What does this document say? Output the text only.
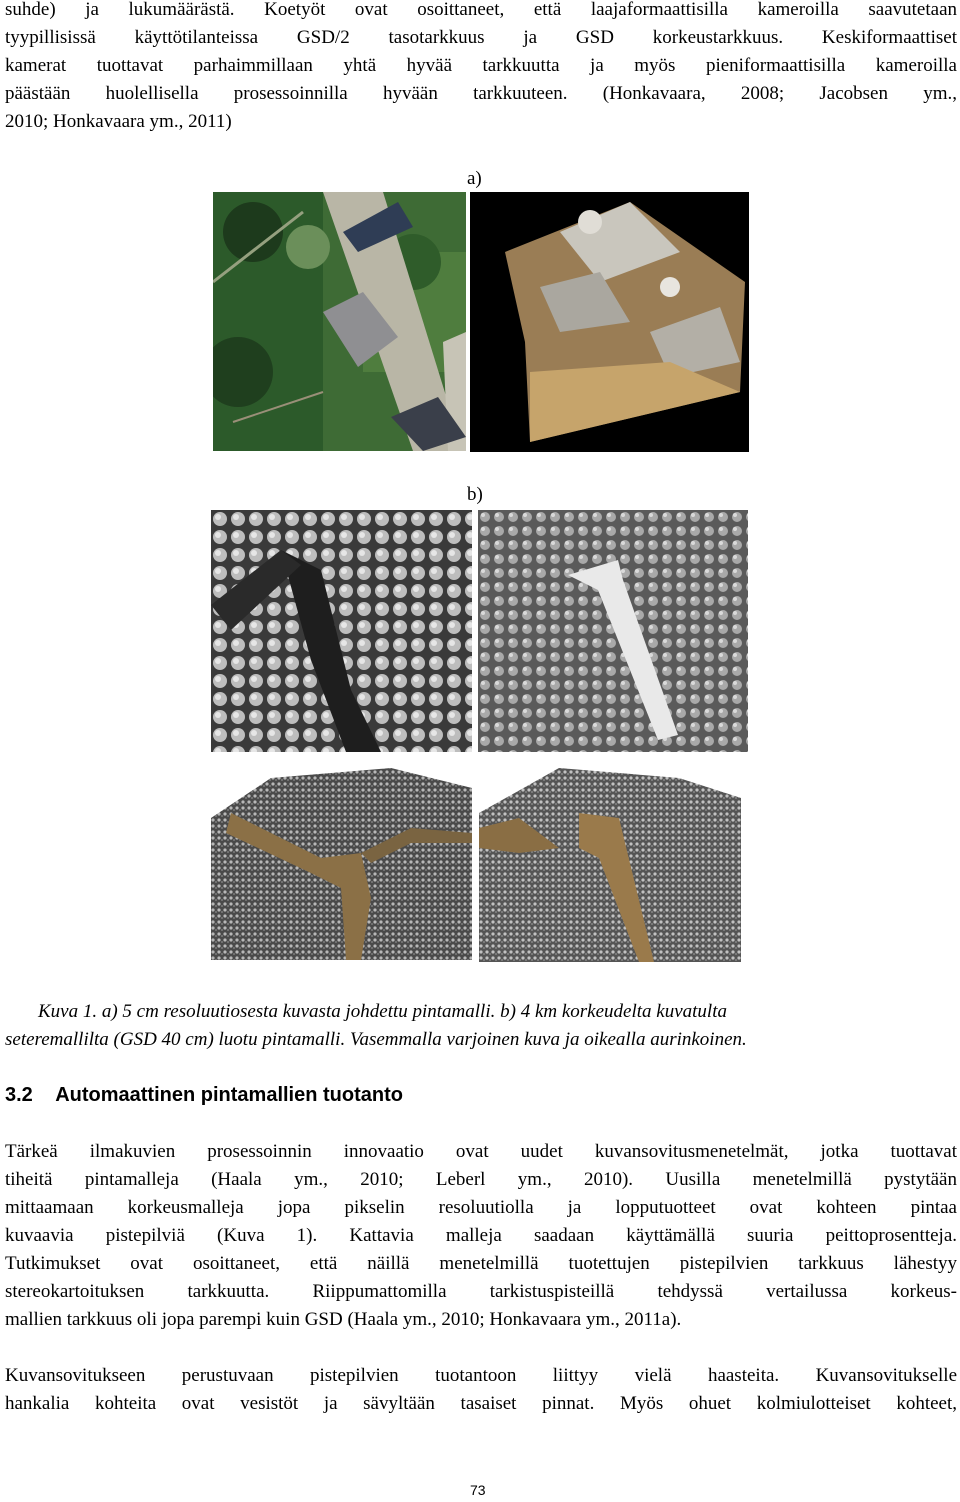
suhde) ja lukumäärästä. Koetyöt ovat osoittaneet, että laajaformaattisilla kameroilla saavutetaan
tyypillisissä käyttötilanteissa GSD/2 tasotarkkuus ja GSD korkeustarkkuus. Keskiformaattiset
kamerat tuottavat parhaimmillaan yhtä hyvää tarkkuutta ja myös pieniformaattisilla kameroilla
päästään huolellisella prosessoinnilla hyvään tarkkuuteen. (Honkavaara, 2008; Jacobsen ym.,
2010; Honkavaara ym., 2011)
a)
b)
Kuva 1. a) 5 cm resoluutiosesta kuvasta johdettu pintamalli. b) 4 km korkeudelta kuvatulta
seteremallilta (GSD 40 cm) luotu pintamalli. Vasemmalla varjoinen kuva ja oikealla aurinkoinen.
3.2 Automaattinen pintamallien tuotanto
Tärkeä ilmakuvien prosessoinnin innovaatio ovat uudet kuvansovitusmenetelmät, jotka tuottavat
tiheitä pintamalleja (Haala ym., 2010; Leberl ym., 2010). Uusilla menetelmillä pystytään
mittaamaan korkeusmalleja jopa pikselin resoluutiolla ja lopputuotteet ovat kohteen pintaa
kuvaavia pistepilviä (Kuva 1). Kattavia malleja saadaan käyttämällä suuria peittoprosentteja.
Tutkimukset ovat osoittaneet, että näillä menetelmillä tuotettujen pistepilvien tarkkuus lähestyy
stereokartoituksen tarkkuutta. Riippumattomilla tarkistuspisteillä tehdyssä vertailussa korkeus-
mallien tarkkuus oli jopa parempi kuin GSD (Haala ym., 2010; Honkavaara ym., 2011a).
Kuvansovitukseen perustuvaan pistepilvien tuotantoon liittyy vielä haasteita. Kuvansovitukselle
hankalia kohteita ovat vesistöt ja sävyltään tasaiset pinnat. Myös ohuet kolmiulotteiset kohteet,
73
